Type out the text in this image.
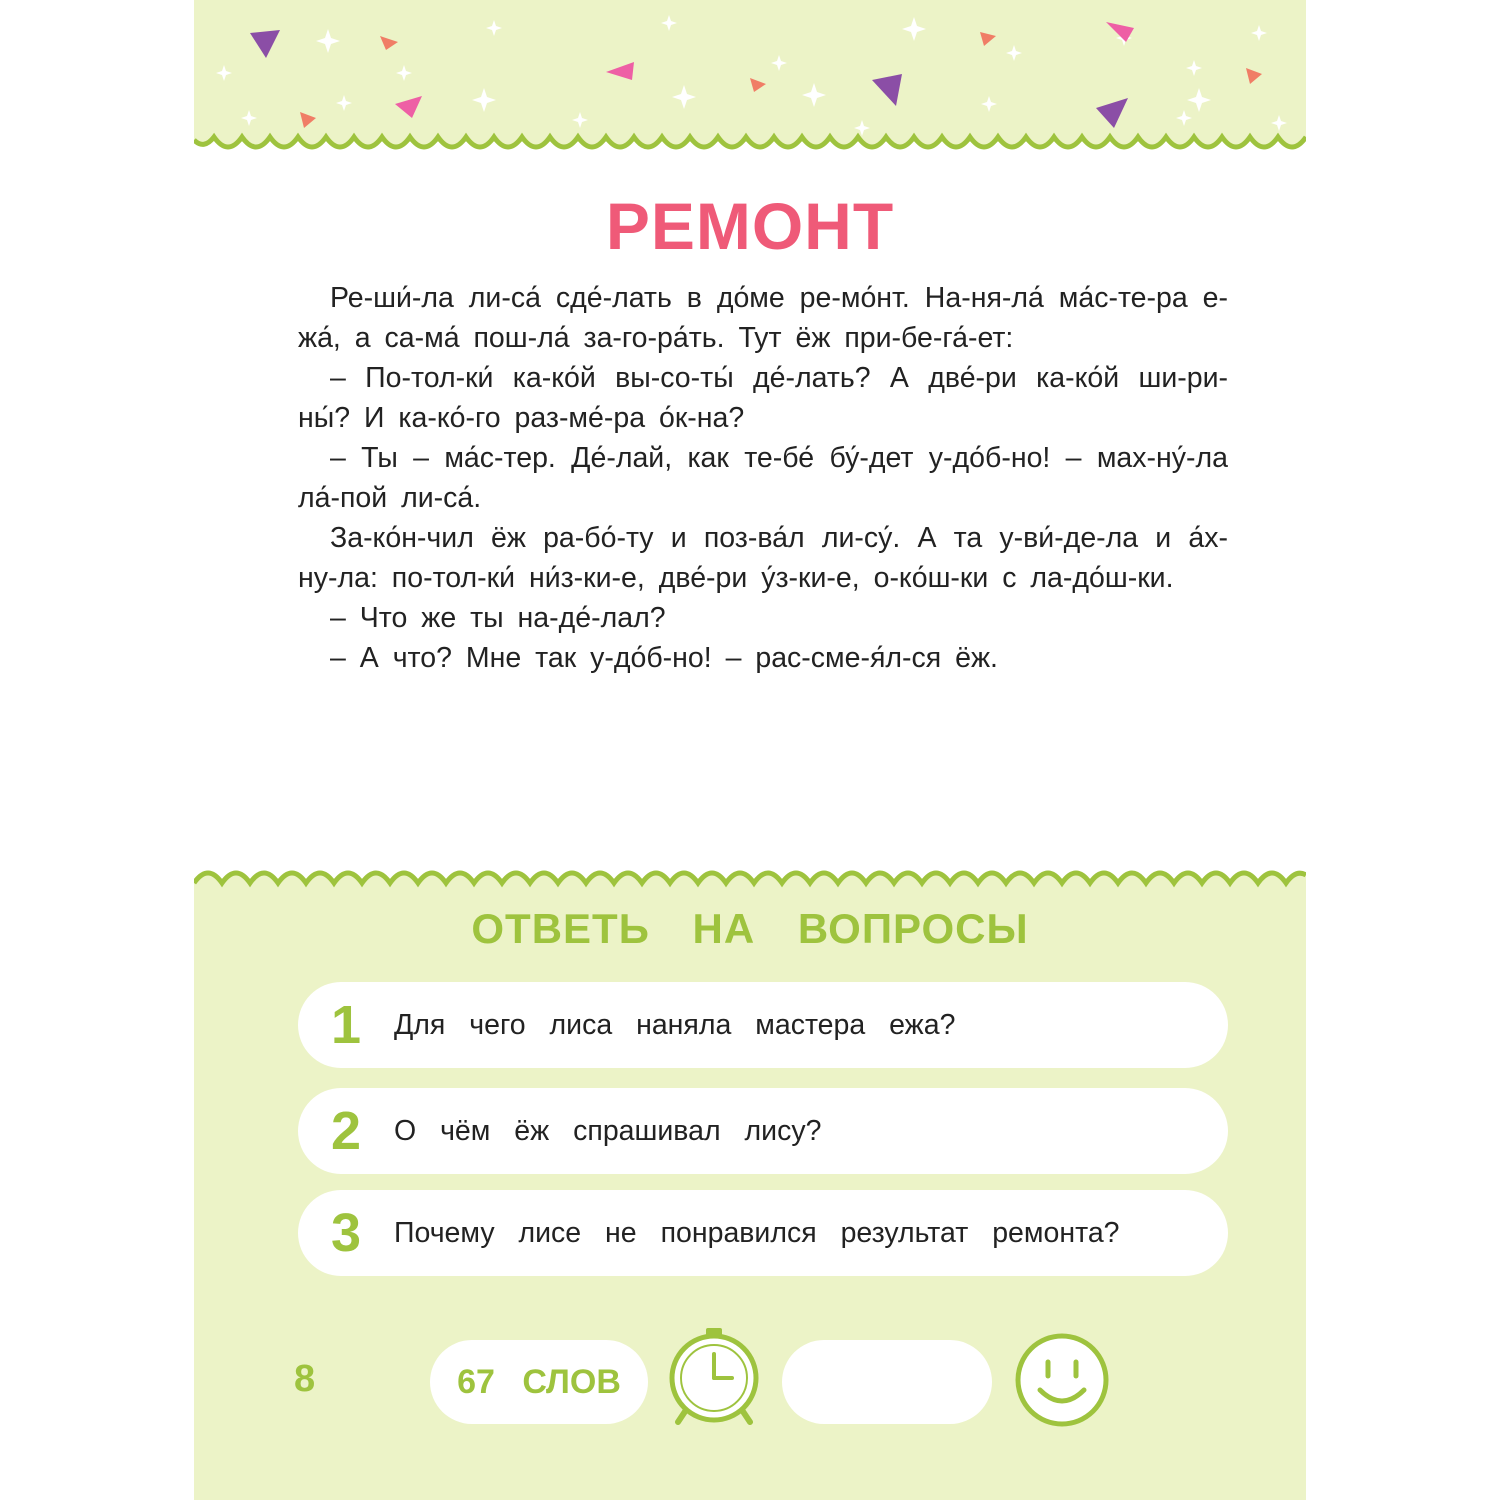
РЕМОНТ

Ре-ши́-ла ли-са́ сде́-лать в до́ме ре-мо́нт. На-ня-ла́ ма́с-те-ра е-жа́, а са-ма́ пош-ла́ за-го-ра́ть. Тут ёж при-бе-га́-ет:

– По-тол-ки́ ка-ко́й вы-со-ты́ де́-лать? А две́-ри ка-ко́й ши-ри-ны́? И ка-ко́-го раз-ме́-ра о́к-на?

– Ты – ма́с-тер. Де́-лай, как те-бе́ бу́-дет у-до́б-но! – мах-ну́-ла ла́-пой ли-са́.

За-ко́н-чил ёж ра-бо́-ту и поз-ва́л ли-су́. А та у-ви́-де-ла и а́х-ну-ла: по-тол-ки́ ни́з-ки-е, две́-ри у́з-ки-е, о-ко́ш-ки с ла-до́ш-ки.

– Что же ты на-де́-лал?

– А что? Мне так у-до́б-но! – рас-сме-я́л-ся ёж.

ОТВЕТЬ НА ВОПРОСЫ
1	Для чего лиса наняла мастера ежа?
2	О чём ёж спрашивал лису?
3	Почему лисе не понравился результат ремонта?
8	67 СЛОВ
